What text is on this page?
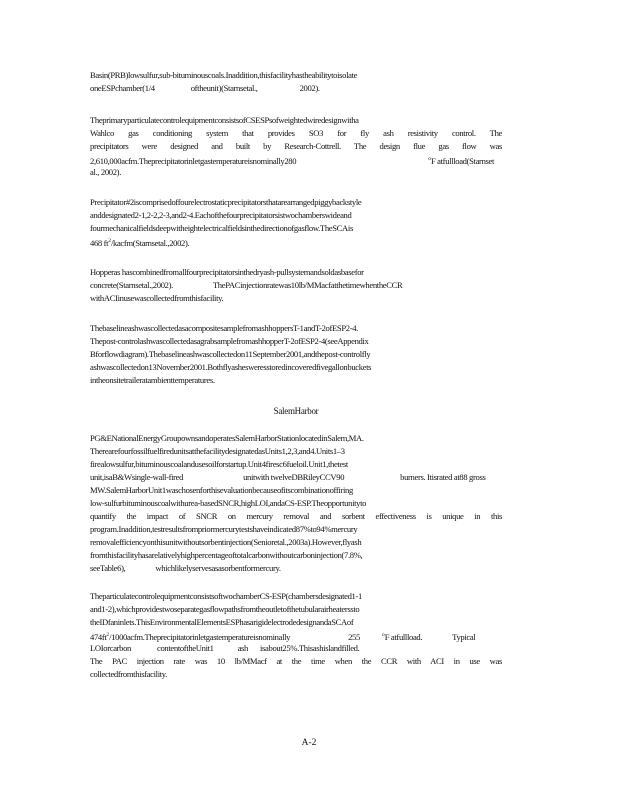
Basin(PRB)lowsulfur,sub-bituminouscoals.Inaddition,thisfacilityhastheabilitytoisolate
oneESPchamber(1/4	oftheunit)(Starnsetal.,	2002).
TheprimaryparticulatecontrolequipmentconsistsofCSESPsofweightedwiredesignwitha
Wahlco gas conditioning system that provides SO3 for fly ash resistivity control. The
precipitators were designed and built by Research-Cottrell. The design flue gas flow was
2,610,000acfm.Theprecipitatorinletgastemperatureisnominally280	$^o$F atfullload(Starnset
al., 2002).
Precipitator#2iscomprisedoffourelectrostaticprecipitatorsthatarearrangedpiggybackstyle
anddesignated2-1,2-2,2-3,and2-4.Eachofthefourprecipitatorsistwochamberswideand
fourmechanicalfieldsdeepwitheightelectricalfieldsinthedirectionofgasflow.TheSCAis
468 $ft^2/kacfm(Starnsetal.,2002)$.
Hopperas hascombinedfromallfourprecipitatorsinthedryash-pullsystemandsoldasbasefor
concrete(Starnsetal.,2002).	ThePACinjectionratewas10lb/MMacfatthetimewhentheCCR
withACIinusewascollectedfromthisfacility.
ThebaselineashwascollectedasacompositesamplefromashhoppersT-1andT-2ofESP2-4.
Thepost-controlashwascollectedasagrabsamplefromashhopperT-2ofESP2-4(seeAppendix
Bforflowdiagram).Thebaselineashwascollectedon11September2001,andthepost-controlfly
ashwascollectedon13November2001.Bothflyashesweresstoredincoveredfivegallonbuckets
intheonsitetraileratambienttemperatures.
SalemHarbor
PG&ENationalEnergyGroupownsandoperatesSalemHarborStationlocatedinSalem,MA.
TherearefourfossilfuelfiredunitsatthefacilitydesignatedasUnits1,2,3,and4.Units1–3
firealowsulfur,bituminouscoalandusesoilforstartup.Unit4firesc6fueloil.Unit1,thetest
unit,isaB&Wsingle-wall-fired	unitwith twelveDBRileyCCV90	burners. Itisrated at88 gross
MW.SalemHarborUnit1waschosenforthisevaluationbecauseofitscombinationoffiring
low-sulfurbituminouscoalwithurea-basedSNCR,highLOI,andaCS-ESP.Theopportunityto
quantify the impact of SNCR on mercury removal and sorbent effectiveness is unique in this
program.Inaddition,testresultsfrompriormercurytestshaveindicated87%to94%mercury
removalefficiencyonthisunitwithoutsorbentinjection(Senioretal.,2003a).However,flyash
fromthisfacilityhasarelativelyhighpercentageoftotalcarbonwithoutcarboninjection(7.8%,
seeTable6),	whichlikelyservesasasorbentformercury.
TheparticulatecontrolequipmentconsistsoftwochamberCS-ESP(chambersdesignated1-1
and1-2),whichprovidestwoseparategasflowpathsfromtheoutletofthetubularairheaterssto
theIDfaninlets.ThisEnvironmentalElementsESPhasarigidelectrodedesignandaSCAof
$474ft^2/1000acfm.Theprecipitatorinletgastemperatureisnominally$	255	$^o$F atfullload.	Typical
LOIorcarbon	contentoftheUnit1	ash isabout25%.Thisashislandfilled.
The PAC injection rate was 10 lb/MMacf at the time when the CCR with ACI in use was
collectedfromthisfacility.
A-2
